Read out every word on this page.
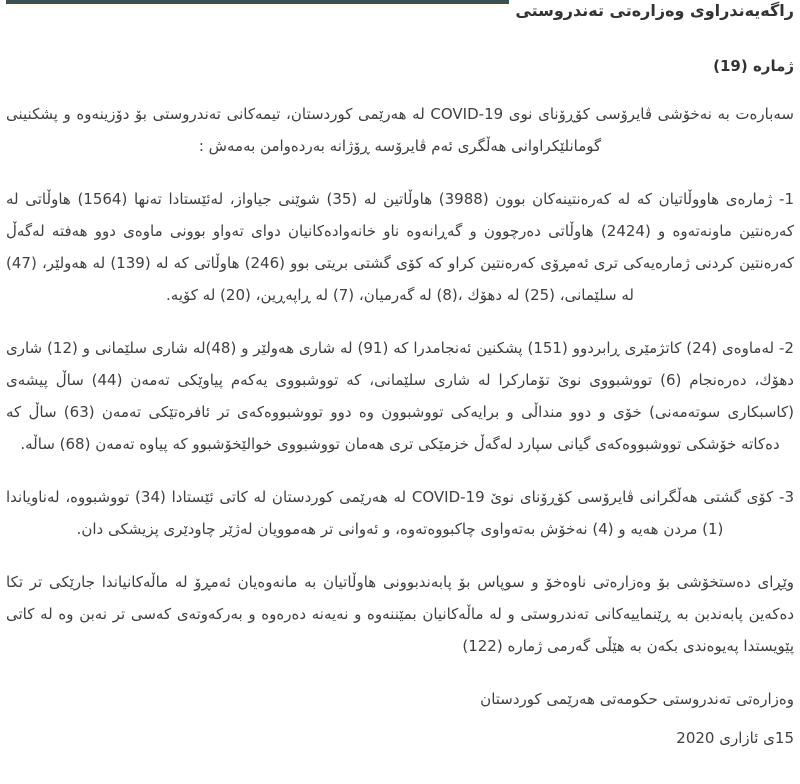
راگەیەندراوی وەزارەتی تەندروستی

ژمارە (19)

سەبارەت بە نەخۆشی ڤایرۆسی کۆڕۆنای نوی COVID-19 لە هەرێمی کوردستان، تیمەکانی تەندروستی بۆ دۆزینەوە و پشکنینی گومانلێکراوانی هەڵگری ئەم ڤایرۆسە ڕۆژانە بەردەوامن بەمەش :

1- ژمارەی هاووڵاتیان کە لە کەرەنتینەکان بوون (3988) هاوڵاتین لە (35) شوێنی جیاواز، لەئێستادا تەنها (1564) هاوڵاتی لە کەرەنتین ماونەتەوە و (2424) هاوڵاتی دەرچوون و گەڕانەوە ناو خانەوادەکانیان دوای تەواو بوونی ماوەی دوو هەفتە لەگەڵ کەرەنتین کردنی ژمارەیەکی تری ئەمڕۆی کەرەنتین کراو کە کۆی گشتی بریتی بوو (246) هاوڵاتی کە لە (139) لە هەولێر، (47) لە سلێمانی، (25) لە دهۆك ،(8) لە گەرمیان، (7) لە ڕاپەڕین، (20) لە کۆیە.

2- لەماوەی (24) کاتژمێری ڕابردوو (151) پشکنین ئەنجامدرا کە (91) لە شاری هەولێر و (48)لە شاری سلێمانی و (12) شاری دهۆك، دەرەنجام (6) تووشبووی نوێ تۆمارکرا لە شاری سلێمانی، کە تووشبووی یەکەم پیاوێکی تەمەن (44) ساڵ پیشەی (کاسبکاری سوتەمەنی) خۆی و دوو منداڵی و برایەکی تووشبوون وە دوو تووشبووەکەی تر ئافرەتێکی تەمەن (63) ساڵ کە دەکاتە خۆشکی تووشبووەکەی گیانی سپارد لەگەڵ خزمێکی تری هەمان تووشبووی خوالێخۆشبوو کە پیاوە تەمەن (68) ساڵە.

3- کۆی گشتی هەڵگرانی ڤایرۆسی کۆڕۆنای نوێ COVID-19 لە هەرێمی کوردستان لە کاتی ئێستادا (34) تووشبووە، لەناویاندا (1) مردن هەیە و (4) نەخۆش بەتەواوی چاکبووەتەوە، و ئەوانی تر هەموویان لەژێر چاودێری پزیشکی دان.

وێڕای دەستخۆشی بۆ وەزارەتی ناوەخۆ و سوپاس بۆ پابەندبوونی هاوڵاتیان بە مانەوەیان ئەمڕۆ لە ماڵەکانیاندا جارێکی تر تکا دەکەین پابەندبن بە ڕێنماییەکانی تەندروستی و لە ماڵەکانیان بمێننەوە و نەیەنە دەرەوە و بەرکەوتەی کەسی تر نەبن وە لە کاتی پێویستدا پەیوەندی بکەن بە هێڵی گەرمی ژمارە (122)

وەزارەتی تەندروستی حکومەتی هەرێمی کوردستان

15ی ئازاری 2020
